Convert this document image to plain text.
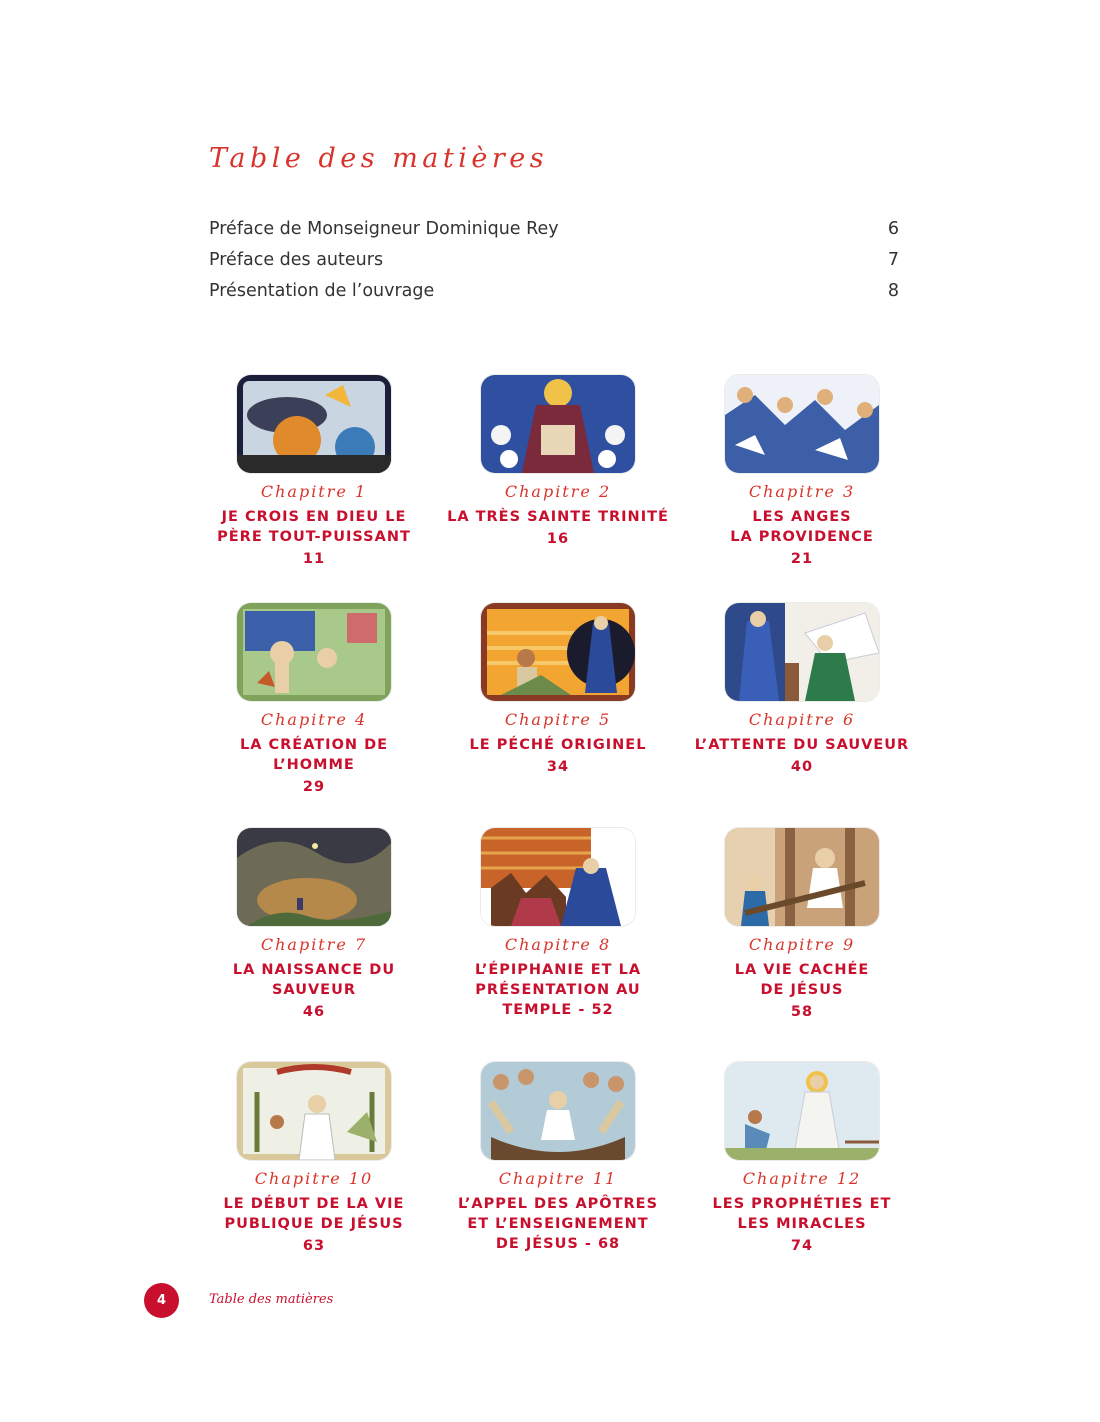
Table des matières
Préface de Monseigneur Dominique Rey	6
Préface des auteurs	7
Présentation de l’ouvrage	8
Chapitre 1
JE CROIS EN DIEU LE
PÈRE TOUT-PUISSANT
11
Chapitre 2
LA TRÈS SAINTE TRINITÉ
16
Chapitre 3
LES ANGES
LA PROVIDENCE
21
Chapitre 4
LA CRÉATION DE
L’HOMME
29
Chapitre 5
LE PÉCHÉ ORIGINEL
34
Chapitre 6
L’ATTENTE DU SAUVEUR
40
Chapitre 7
LA NAISSANCE DU
SAUVEUR
46
Chapitre 8
L’ÉPIPHANIE ET LA
PRÉSENTATION AU
TEMPLE - 52
Chapitre 9
LA VIE CACHÉE
DE JÉSUS
58
Chapitre 10
LE DÉBUT DE LA VIE
PUBLIQUE DE JÉSUS
63
Chapitre 11
L’APPEL DES APÔTRES
ET L’ENSEIGNEMENT
DE JÉSUS - 68
Chapitre 12
LES PROPHÉTIES ET
LES MIRACLES
74
4	Table des matières
